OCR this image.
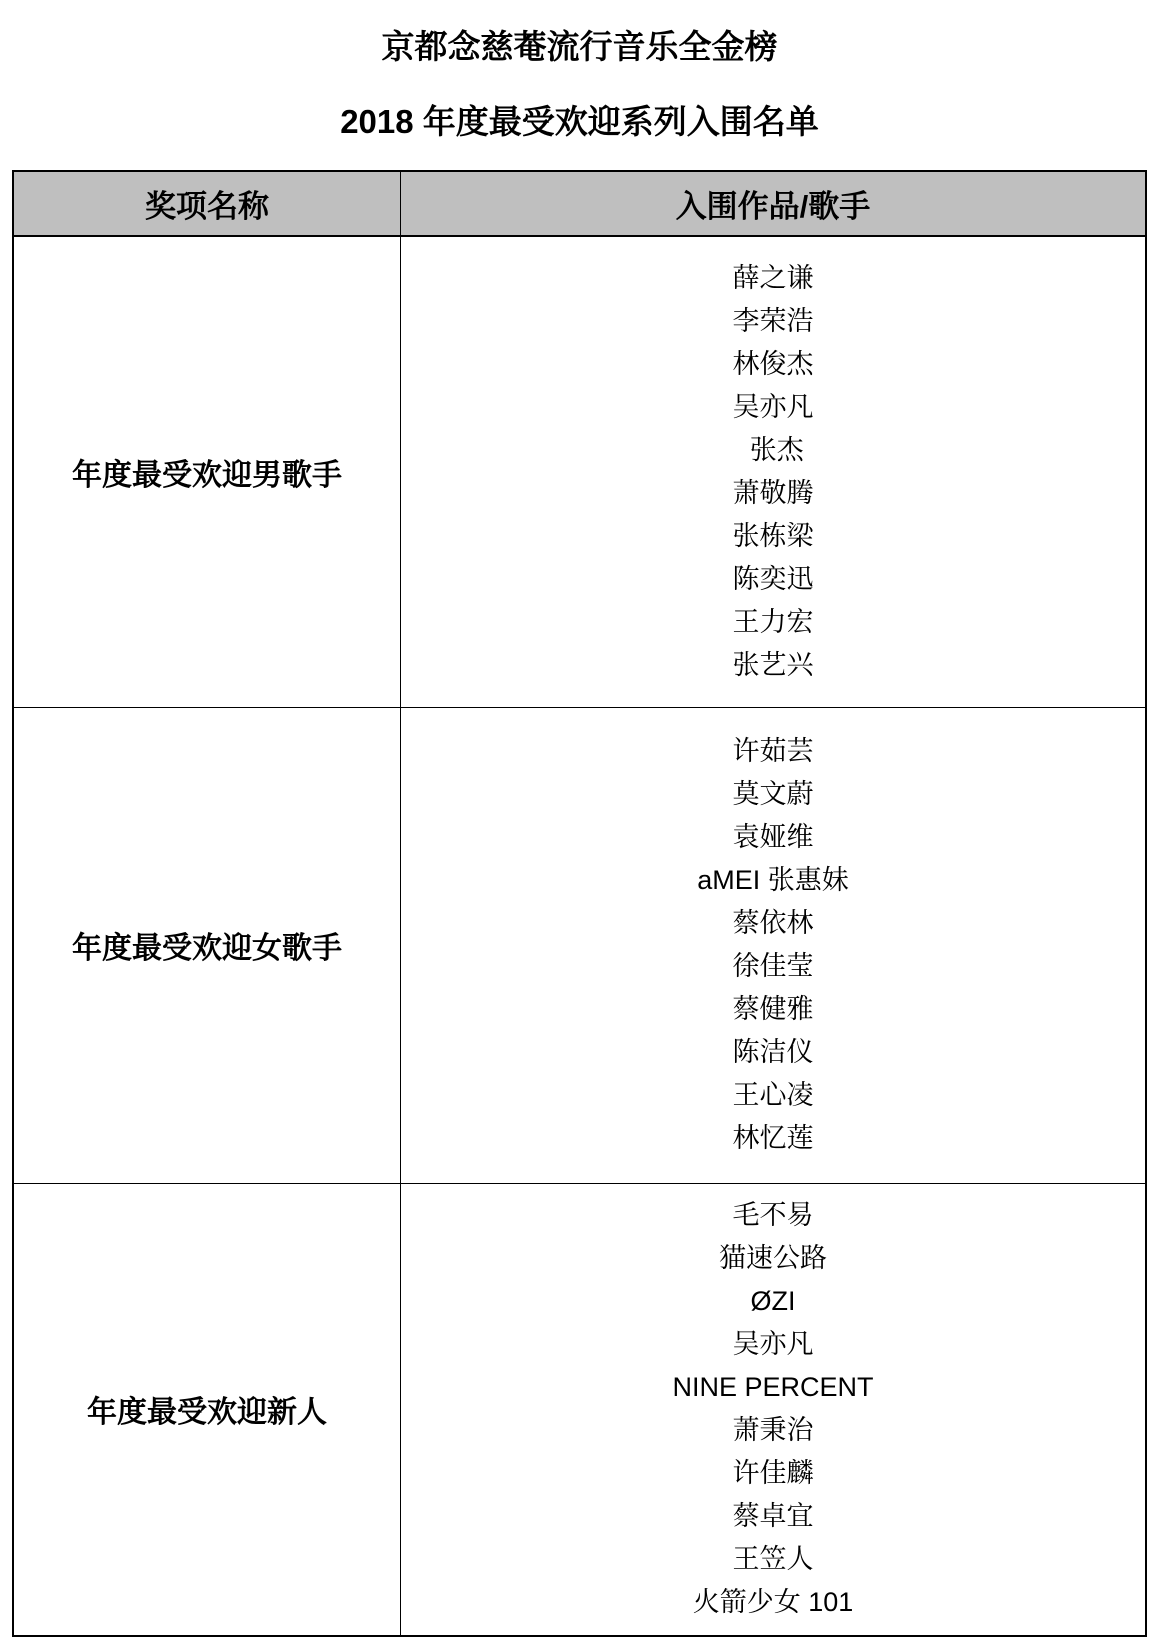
京都念慈菴流行音乐全金榜
2018 年度最受欢迎系列入围名单
奖项名称	入围作品/歌手
年度最受欢迎男歌手	
薛之谦
李荣浩
林俊杰
吴亦凡
张杰
萧敬腾
张栋梁
陈奕迅
王力宏
张艺兴

年度最受欢迎女歌手	
许茹芸
莫文蔚
袁娅维
aMEI 张惠妹
蔡依林
徐佳莹
蔡健雅
陈洁仪
王心凌
林忆莲

年度最受欢迎新人	
毛不易
猫速公路
ØZI
吴亦凡
NINE PERCENT
萧秉治
许佳麟
蔡卓宜
王笠人
火箭少女 101
